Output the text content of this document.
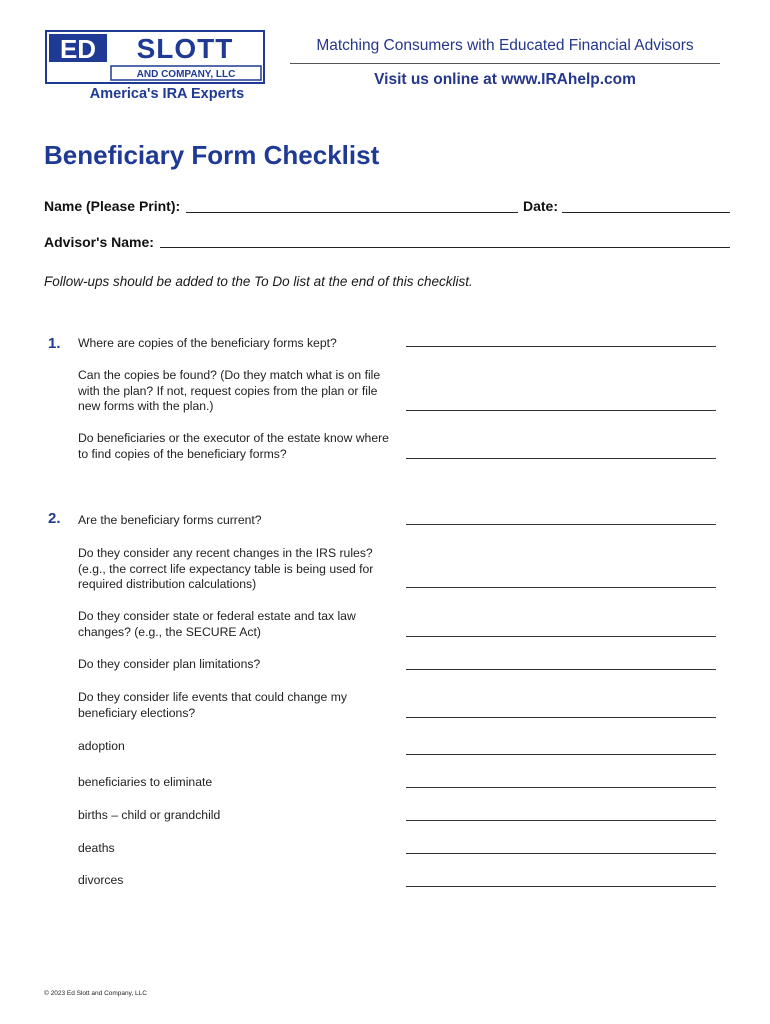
ED SLOTT
AND COMPANY, LLC
America's IRA Experts
Matching Consumers with Educated Financial Advisors
Visit us online at www.IRAhelp.com
Beneficiary Form Checklist
Name (Please Print):	Date:
Advisor's Name:
Follow-ups should be added to the To Do list at the end of this checklist.
1. Where are copies of the beneficiary forms kept?
Can the copies be found? (Do they match what is on file with the plan? If not, request copies from the plan or file new forms with the plan.)
Do beneficiaries or the executor of the estate know where to find copies of the beneficiary forms?
2. Are the beneficiary forms current?
Do they consider any recent changes in the IRS rules? (e.g., the correct life expectancy table is being used for required distribution calculations)
Do they consider state or federal estate and tax law changes? (e.g., the SECURE Act)
Do they consider plan limitations?
Do they consider life events that could change my beneficiary elections?
adoption
beneficiaries to eliminate
births – child or grandchild
deaths
divorces
© 2023 Ed Slott and Company, LLC
